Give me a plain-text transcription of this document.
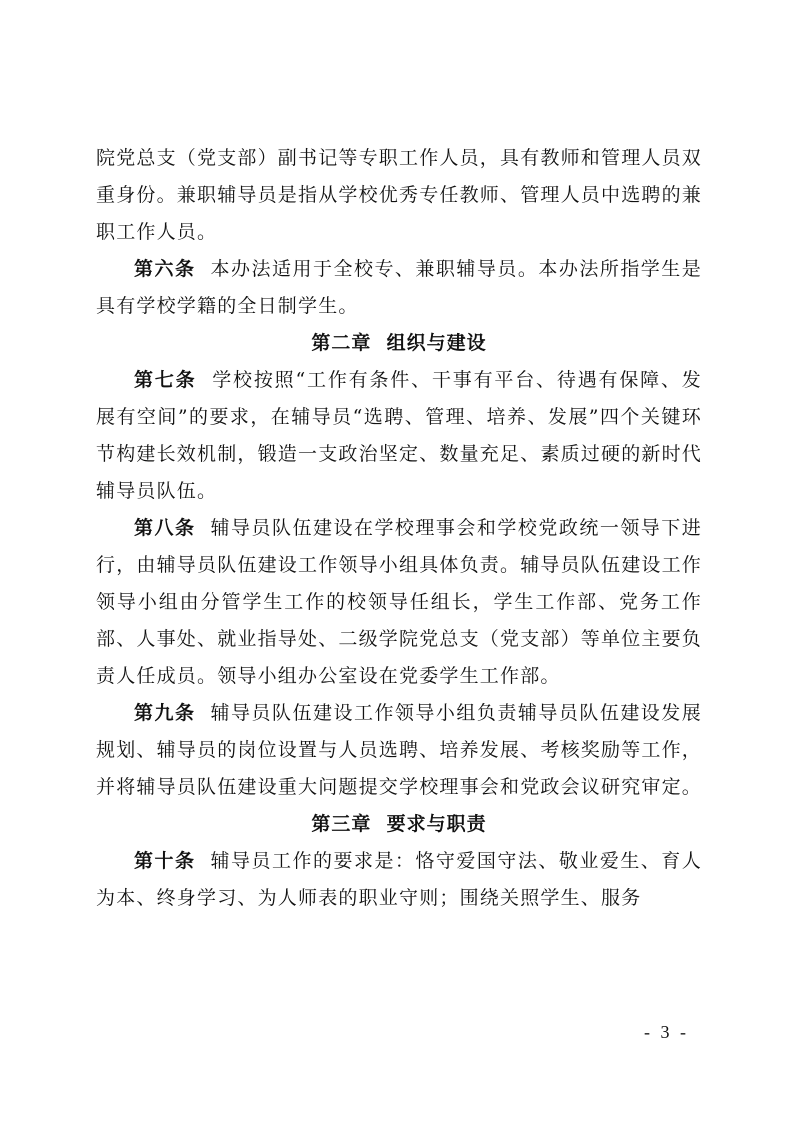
院党总支（党支部）副书记等专职工作人员，具有教师和管理人员双重身份。兼职辅导员是指从学校优秀专任教师、管理人员中选聘的兼职工作人员。

第六条 本办法适用于全校专、兼职辅导员。本办法所指学生是具有学校学籍的全日制学生。

第二章  组织与建设

第七条 学校按照“工作有条件、干事有平台、待遇有保障、发展有空间”的要求，在辅导员“选聘、管理、培养、发展”四个关键环节构建长效机制，锻造一支政治坚定、数量充足、素质过硬的新时代辅导员队伍。

第八条 辅导员队伍建设在学校理事会和学校党政统一领导下进行，由辅导员队伍建设工作领导小组具体负责。辅导员队伍建设工作领导小组由分管学生工作的校领导任组长，学生工作部、党务工作部、人事处、就业指导处、二级学院党总支（党支部）等单位主要负责人任成员。领导小组办公室设在党委学生工作部。

第九条 辅导员队伍建设工作领导小组负责辅导员队伍建设发展规划、辅导员的岗位设置与人员选聘、培养发展、考核奖励等工作，并将辅导员队伍建设重大问题提交学校理事会和党政会议研究审定。

第三章  要求与职责

第十条 辅导员工作的要求是：恪守爱国守法、敬业爱生、育人为本、终身学习、为人师表的职业守则；围绕关照学生、服务

- 3 -
